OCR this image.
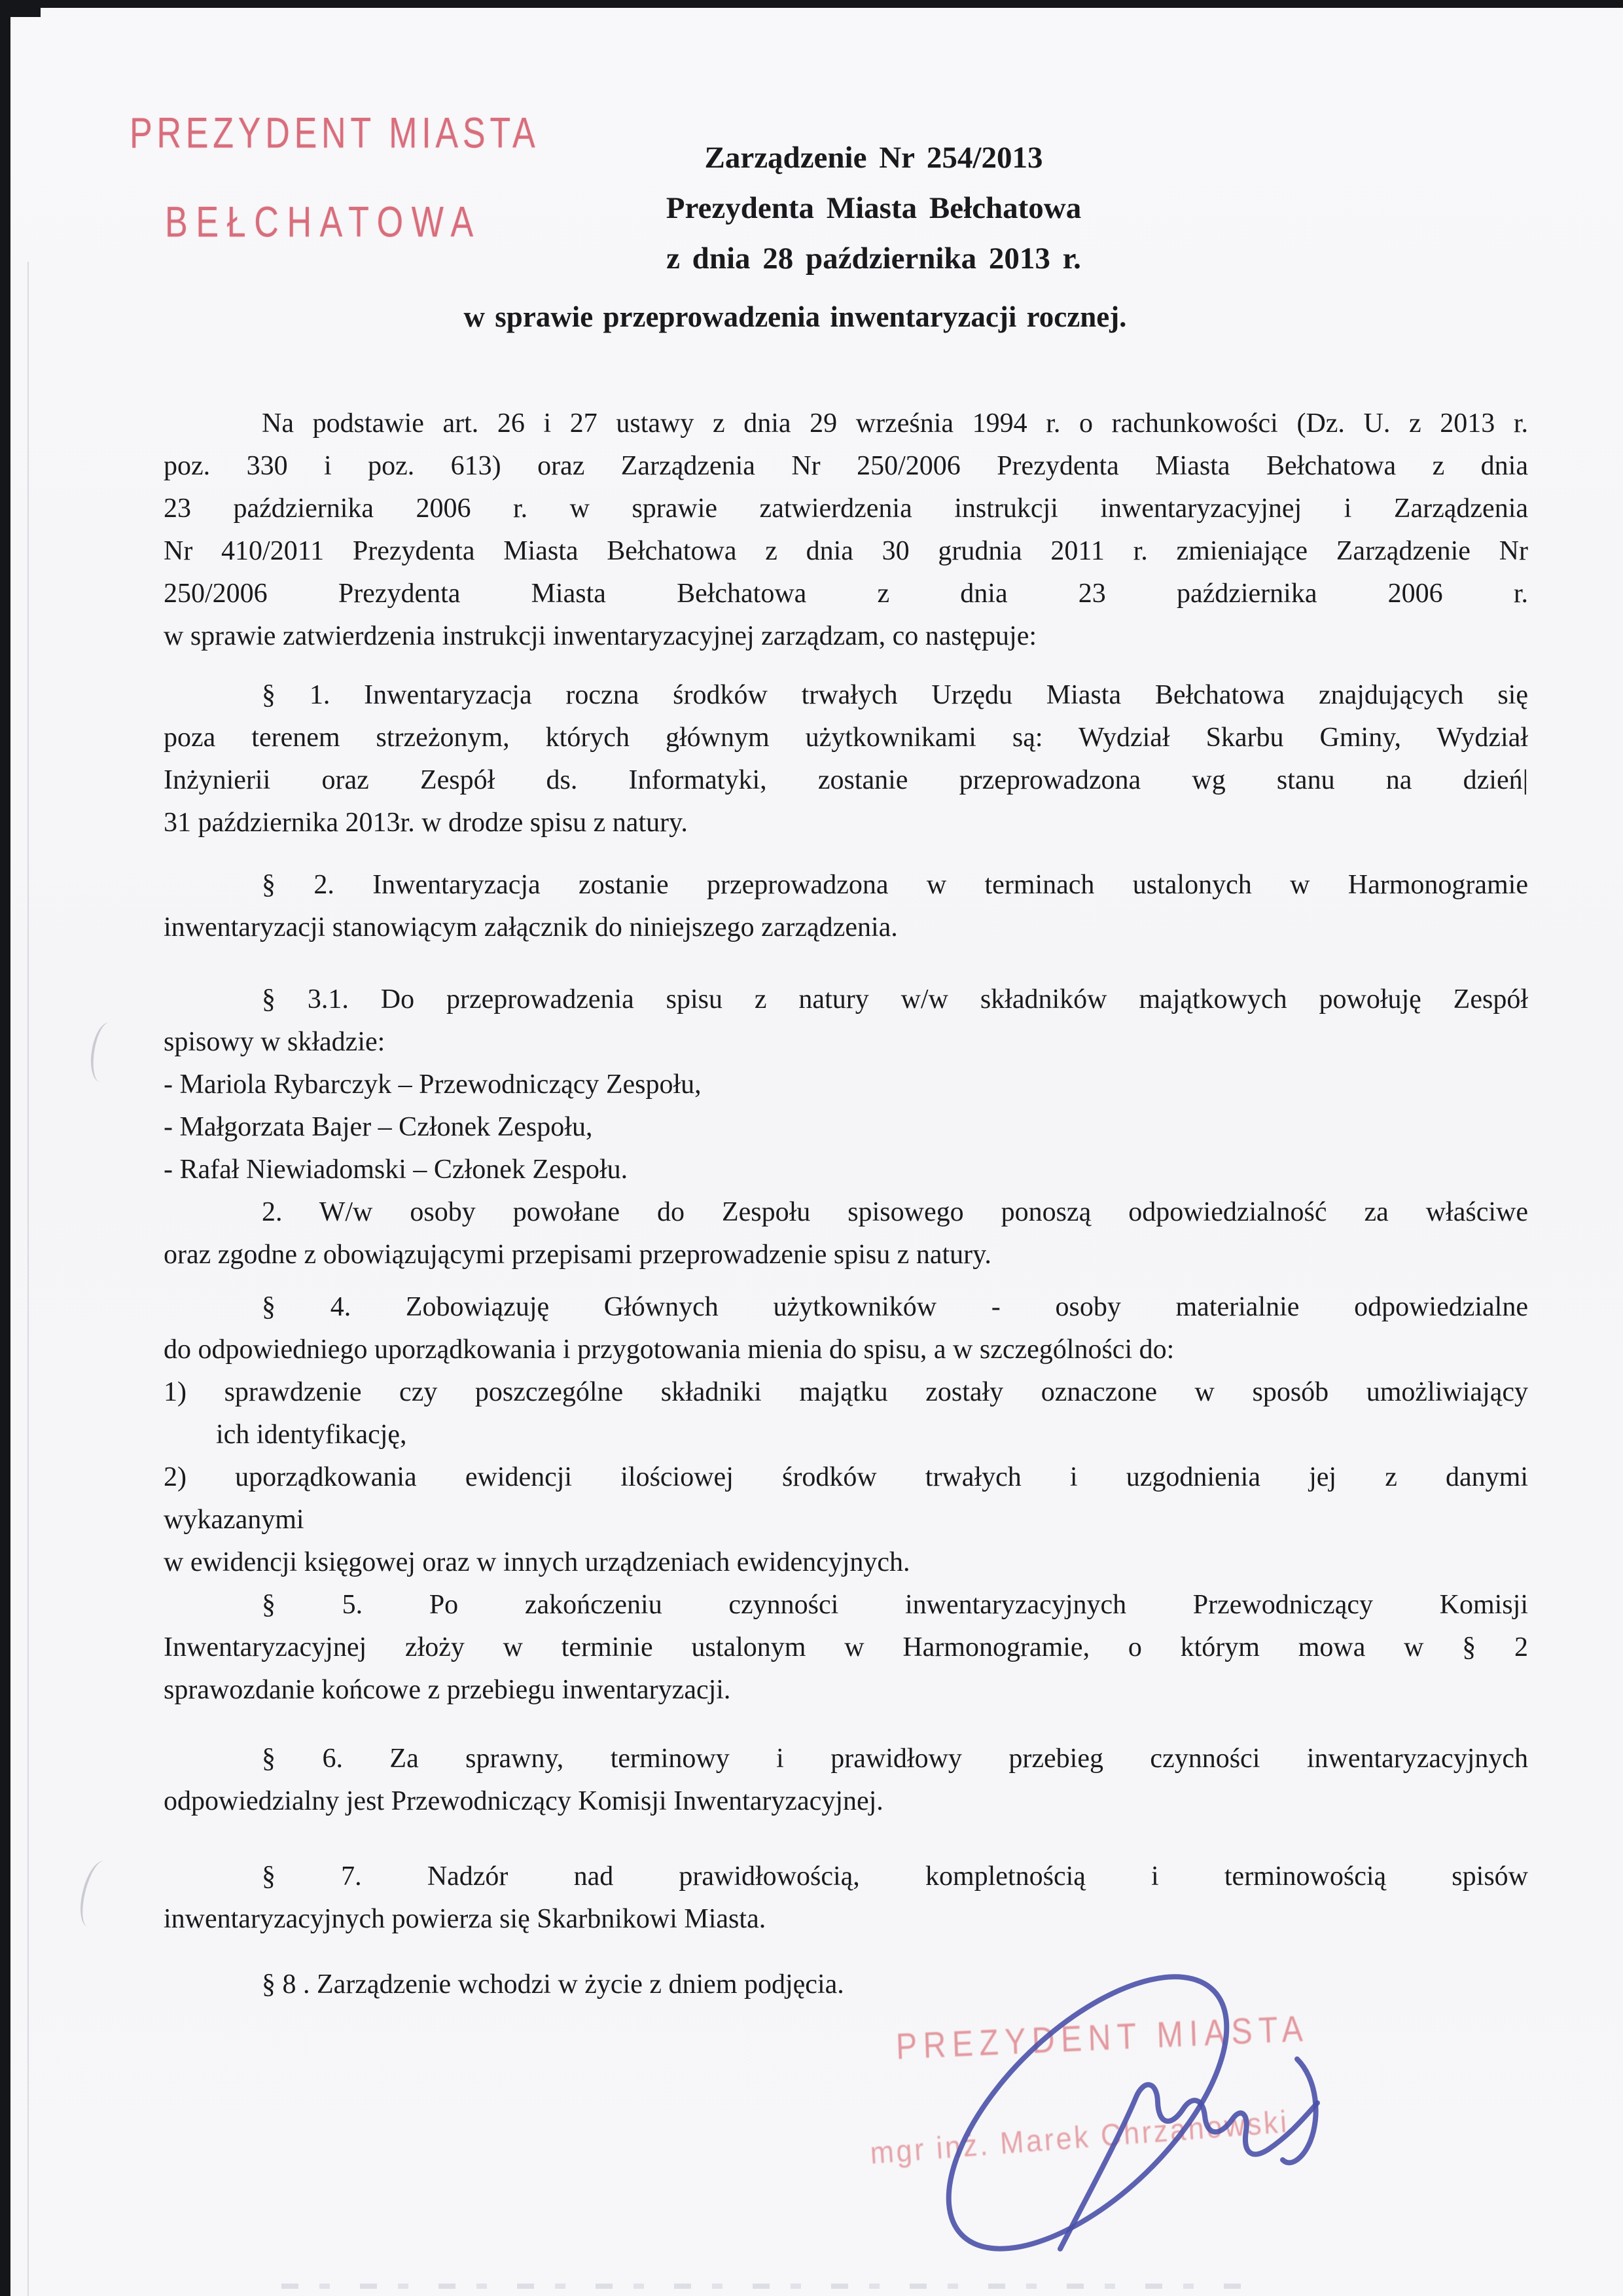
PREZYDENT MIASTA
BEŁCHATOWA
Zarządzenie Nr 254/2013
Prezydenta Miasta Bełchatowa
z dnia 28 października 2013 r.
w sprawie przeprowadzenia inwentaryzacji rocznej.
Na podstawie art. 26 i 27 ustawy z dnia 29 września 1994 r. o rachunkowości (Dz. U. z 2013 r.
poz. 330 i poz. 613) oraz Zarządzenia Nr 250/2006 Prezydenta Miasta Bełchatowa z dnia
23 października 2006 r. w sprawie zatwierdzenia instrukcji inwentaryzacyjnej i Zarządzenia
Nr 410/2011 Prezydenta Miasta Bełchatowa z dnia 30 grudnia 2011 r. zmieniające Zarządzenie Nr
250/2006 Prezydenta Miasta Bełchatowa z dnia 23 października 2006 r.
w sprawie zatwierdzenia instrukcji inwentaryzacyjnej zarządzam, co następuje:
§ 1. Inwentaryzacja roczna środków trwałych Urzędu Miasta Bełchatowa znajdujących się
poza terenem strzeżonym, których głównym użytkownikami są: Wydział Skarbu Gminy, Wydział
Inżynierii oraz Zespół ds. Informatyki, zostanie przeprowadzona wg stanu na dzień|
31 października 2013r. w drodze spisu z natury.
§ 2. Inwentaryzacja zostanie przeprowadzona w terminach ustalonych w Harmonogramie
inwentaryzacji stanowiącym załącznik do niniejszego zarządzenia.
§ 3.1. Do przeprowadzenia spisu z natury w/w składników majątkowych powołuję Zespół
spisowy w składzie:
- Mariola Rybarczyk – Przewodniczący Zespołu,
- Małgorzata Bajer – Członek Zespołu,
- Rafał Niewiadomski – Członek Zespołu.
2. W/w osoby powołane do Zespołu spisowego ponoszą odpowiedzialność za właściwe
oraz zgodne z obowiązującymi przepisami przeprowadzenie spisu z natury.
§ 4. Zobowiązuję Głównych użytkowników - osoby materialnie odpowiedzialne
do odpowiedniego uporządkowania i przygotowania mienia do spisu, a w szczególności do:
1) sprawdzenie czy poszczególne składniki majątku zostały oznaczone w sposób umożliwiający
ich identyfikację,
2) uporządkowania ewidencji ilościowej środków trwałych i uzgodnienia jej z danymi
wykazanymi
w ewidencji księgowej oraz w innych urządzeniach ewidencyjnych.
§ 5. Po zakończeniu czynności inwentaryzacyjnych Przewodniczący Komisji
Inwentaryzacyjnej złoży w terminie ustalonym w Harmonogramie, o którym mowa w § 2
sprawozdanie końcowe z przebiegu inwentaryzacji.
§ 6. Za sprawny, terminowy i prawidłowy przebieg czynności inwentaryzacyjnych
odpowiedzialny jest Przewodniczący Komisji Inwentaryzacyjnej.
§ 7. Nadzór nad prawidłowością, kompletnością i terminowością spisów
inwentaryzacyjnych powierza się Skarbnikowi Miasta.
§ 8 . Zarządzenie wchodzi w życie z dniem podjęcia.
PREZYDENT MIASTA
mgr inż. Marek Chrzanowski
